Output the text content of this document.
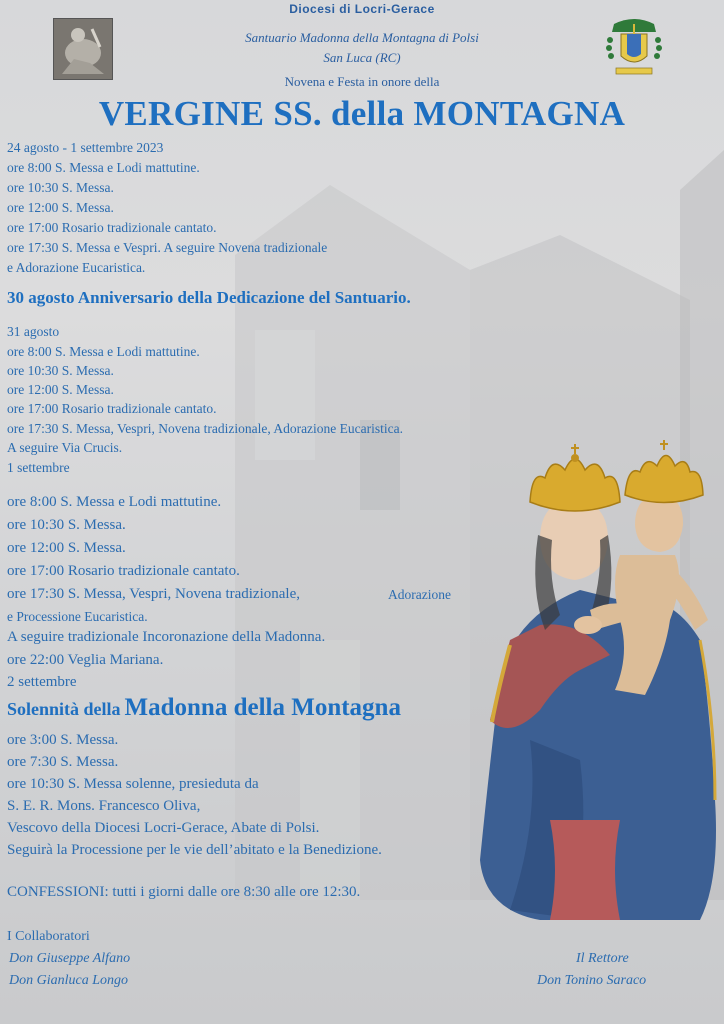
Diocesi di Locri-Gerace
Santuario Madonna della Montagna di Polsi
San Luca (RC)
Novena e Festa in onore della
VERGINE SS. della MONTAGNA
24 agosto - 1 settembre 2023
ore 8:00 S. Messa e Lodi mattutine.
ore 10:30 S. Messa.
ore 12:00 S. Messa.
ore 17:00 Rosario tradizionale cantato.
ore 17:30 S. Messa e Vespri. A seguire Novena tradizionale
e Adorazione Eucaristica.
30 agosto Anniversario della Dedicazione del Santuario.
31 agosto
ore 8:00 S. Messa e Lodi mattutine.
ore 10:30 S. Messa.
ore 12:00 S. Messa.
ore 17:00 Rosario tradizionale cantato.
ore 17:30 S. Messa, Vespri, Novena tradizionale, Adorazione Eucaristica.
A seguire Via Crucis.
1 settembre
ore 8:00 S. Messa e Lodi mattutine.
ore 10:30 S. Messa.
ore 12:00 S. Messa.
ore 17:00 Rosario tradizionale cantato.
ore 17:30 S. Messa, Vespri, Novena tradizionale,	Adorazione
e Processione Eucaristica.
A seguire tradizionale Incoronazione della Madonna.
ore 22:00 Veglia Mariana.
2 settembre
Solennità della Madonna della Montagna
ore 3:00 S. Messa.
ore 7:30 S. Messa.
ore 10:30 S. Messa solenne, presieduta da
S. E. R. Mons. Francesco Oliva,
Vescovo della Diocesi Locri-Gerace, Abate di Polsi.
Seguirà la Processione per le vie dell’abitato e la Benedizione.
CONFESSIONI: tutti i giorni dalle ore 8:30 alle ore 12:30.
I Collaboratori
Don Giuseppe Alfano
Don Gianluca Longo
Il Rettore
Don Tonino Saraco
